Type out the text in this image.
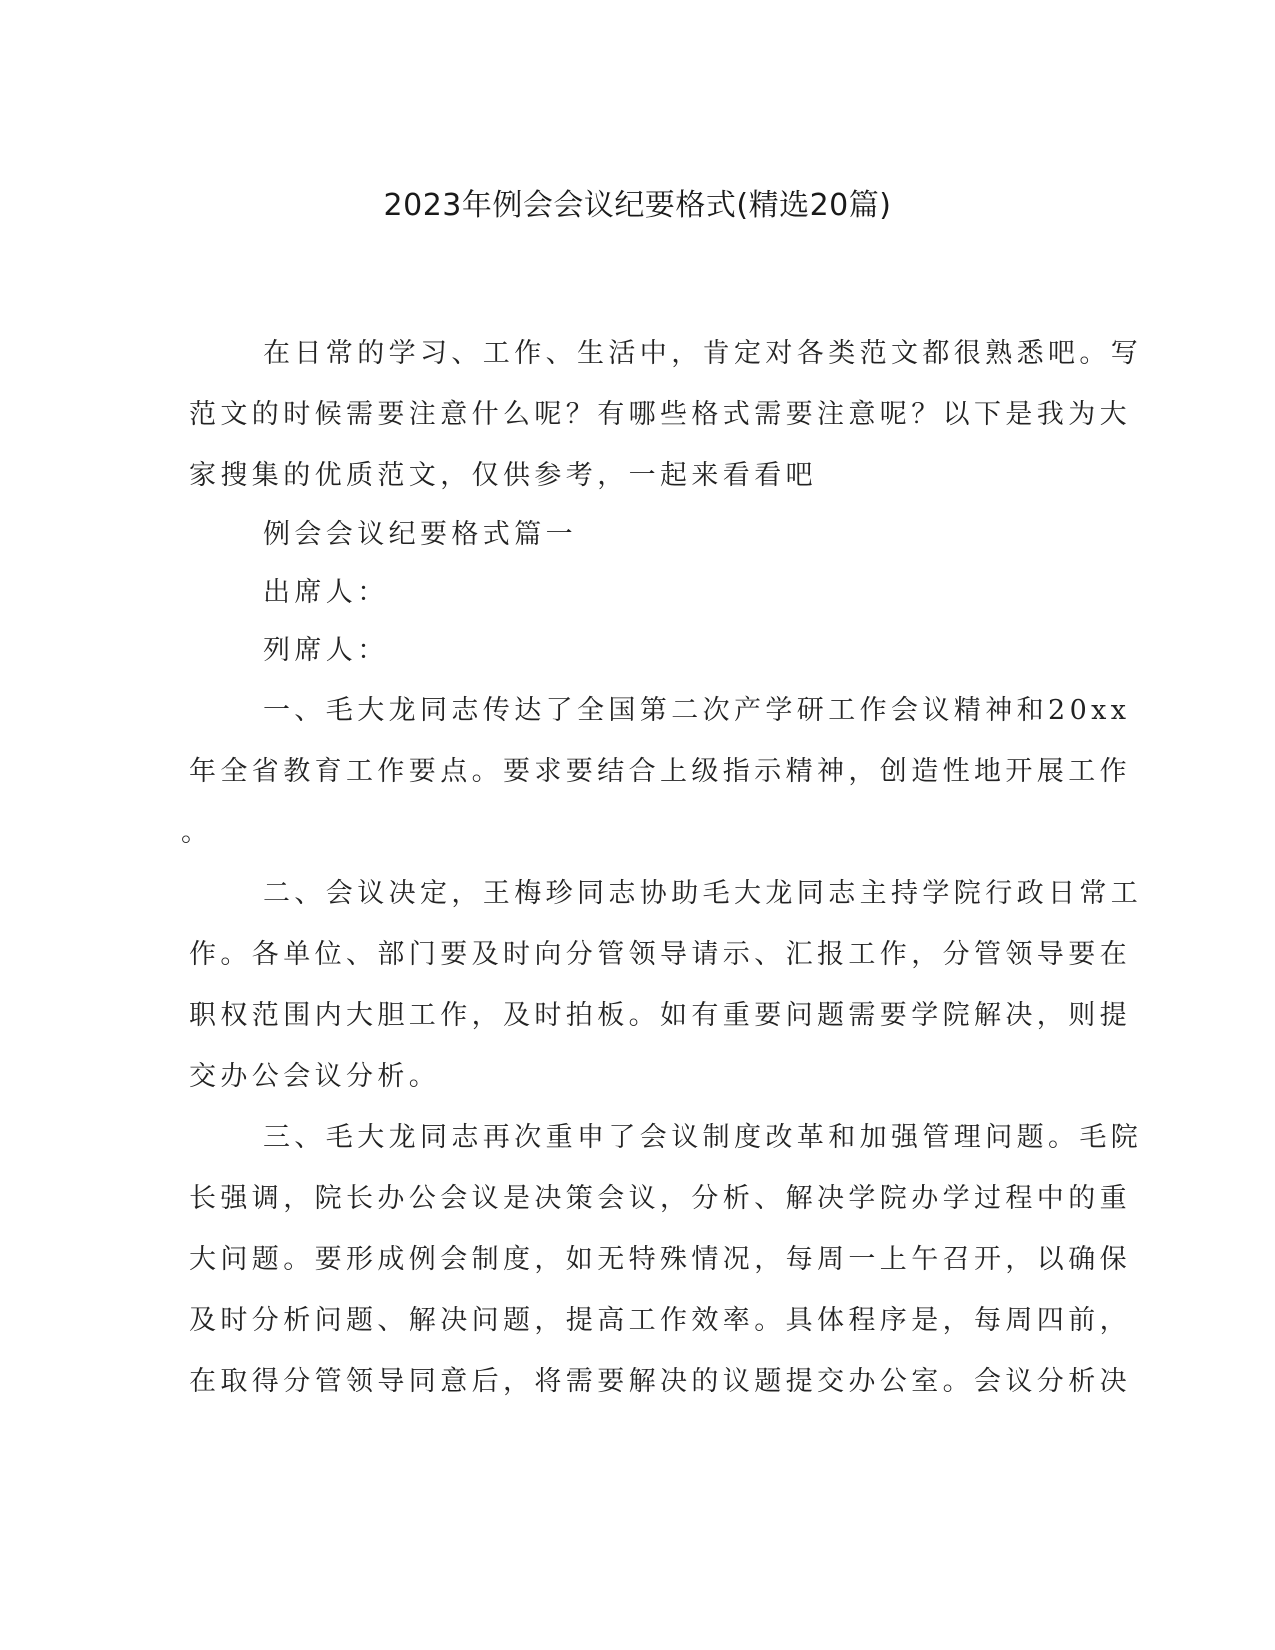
2023年例会会议纪要格式(精选20篇)
在日常的学习、工作、生活中，肯定对各类范文都很熟悉吧。写
范文的时候需要注意什么呢？有哪些格式需要注意呢？以下是我为大
家搜集的优质范文，仅供参考，一起来看看吧
例会会议纪要格式篇一
出席人：
列席人：
一、毛大龙同志传达了全国第二次产学研工作会议精神和20xx
年全省教育工作要点。要求要结合上级指示精神，创造性地开展工作
。
二、会议决定，王梅珍同志协助毛大龙同志主持学院行政日常工
作。各单位、部门要及时向分管领导请示、汇报工作，分管领导要在
职权范围内大胆工作，及时拍板。如有重要问题需要学院解决，则提
交办公会议分析。
三、毛大龙同志再次重申了会议制度改革和加强管理问题。毛院
长强调，院长办公会议是决策会议，分析、解决学院办学过程中的重
大问题。要形成例会制度，如无特殊情况，每周一上午召开，以确保
及时分析问题、解决问题，提高工作效率。具体程序是，每周四前，
在取得分管领导同意后，将需要解决的议题提交办公室。会议分析决
